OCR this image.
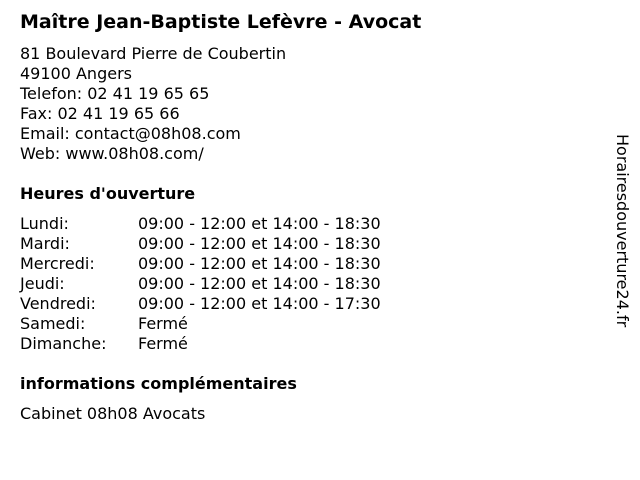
Maître Jean-Baptiste Lefèvre - Avocat
81 Boulevard Pierre de Coubertin
49100 Angers
Telefon: 02 41 19 65 65
Fax: 02 41 19 65 66
Email: contact@08h08.com
Web: www.08h08.com/
Heures d'ouverture
Lundi:	09:00 - 12:00 et 14:00 - 18:30
Mardi:	09:00 - 12:00 et 14:00 - 18:30
Mercredi:	09:00 - 12:00 et 14:00 - 18:30
Jeudi:	09:00 - 12:00 et 14:00 - 18:30
Vendredi:	09:00 - 12:00 et 14:00 - 17:30
Samedi:	Fermé
Dimanche: Fermé
informations complémentaires
Cabinet 08h08 Avocats
Horairesdouverture24.fr
